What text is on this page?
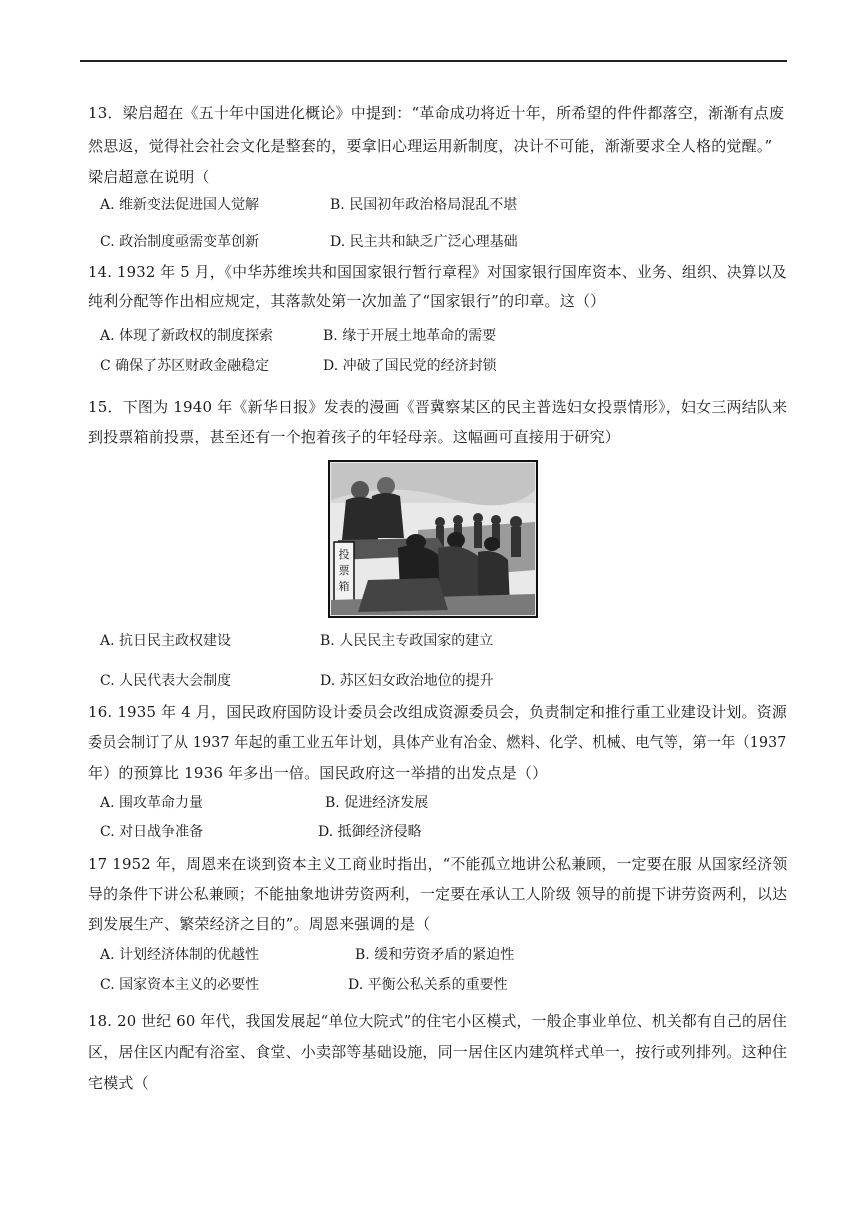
13．梁启超在《五十年中国进化概论》中提到：“革命成功将近十年，所希望的件件都落空，渐渐有点废
然思返，觉得社会社会文化是整套的，要拿旧心理运用新制度，决计不可能，渐渐要求全人格的觉醒。”
梁启超意在说明（
A. 维新变法促进国人觉解	B. 民国初年政治格局混乱不堪
C. 政治制度亟需变革创新	D. 民主共和缺乏广泛心理基础
14. 1932 年 5 月，《中华苏维埃共和国国家银行暂行章程》对国家银行国库资本、业务、组织、决算以及
纯利分配等作出相应规定，其落款处第一次加盖了“国家银行”的印章。这（）
A. 体现了新政权的制度探索	B. 缘于开展土地革命的需要
C 确保了苏区财政金融稳定	D. 冲破了国民党的经济封锁
15．下图为 1940 年《新华日报》发表的漫画《晋冀察某区的民主普选妇女投票情形》，妇女三两结队来
到投票箱前投票，甚至还有一个抱着孩子的年轻母亲。这幅画可直接用于研究）
投
票
箱
A. 抗日民主政权建设	B. 人民民主专政国家的建立
C. 人民代表大会制度	D. 苏区妇女政治地位的提升
16. 1935 年 4 月，国民政府国防设计委员会改组成资源委员会，负责制定和推行重工业建设计划。资源
委员会制订了从 1937 年起的重工业五年计划，具体产业有冶金、燃料、化学、机械、电气等，第一年（1937
年）的预算比 1936 年多出一倍。国民政府这一举措的出发点是（）
A. 围攻革命力量	B. 促进经济发展
C. 对日战争准备	D. 抵御经济侵略
17 1952 年，周恩来在谈到资本主义工商业时指出，“不能孤立地讲公私兼顾，一定要在服 从国家经济领
导的条件下讲公私兼顾；不能抽象地讲劳资两利，一定要在承认工人阶级 领导的前提下讲劳资两利，以达
到发展生产、繁荣经济之目的”。周恩来强调的是（
A. 计划经济体制的优越性	B. 缓和劳资矛盾的紧迫性
C. 国家资本主义的必要性	D. 平衡公私关系的重要性
18. 20 世纪 60 年代，我国发展起“单位大院式”的住宅小区模式，一般企事业单位、机关都有自己的居住
区，居住区内配有浴室、食堂、小卖部等基础设施，同一居住区内建筑样式单一，按行或列排列。这种住
宅模式（
